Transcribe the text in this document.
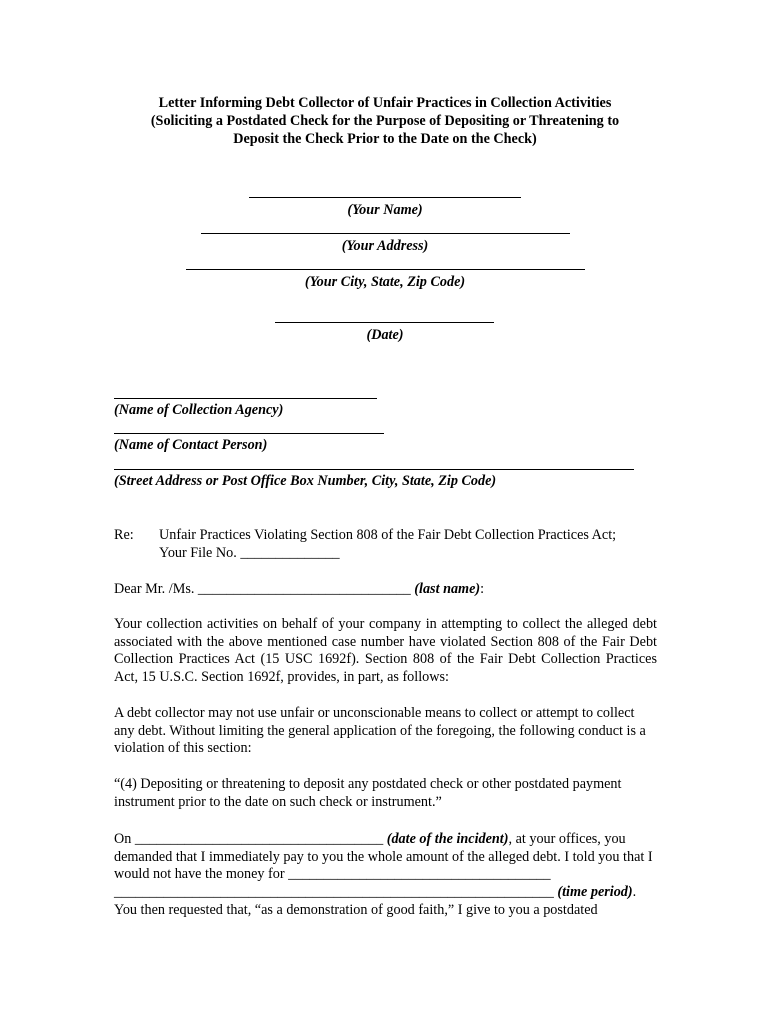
Letter Informing Debt Collector of Unfair Practices in Collection Activities
(Soliciting a Postdated Check for the Purpose of Depositing or Threatening to
Deposit the Check Prior to the Date on the Check)
(Your Name)
(Your Address)
(Your City, State, Zip Code)
(Date)
(Name of Collection Agency)
(Name of Contact Person)
(Street Address or Post Office Box Number, City, State, Zip Code)
Re: Unfair Practices Violating Section 808 of the Fair Debt Collection Practices Act;
Your File No. ______________
Dear Mr. /Ms. ______________________________ (last name):
Your collection activities on behalf of your company in attempting to collect the alleged debt associated with the above mentioned case number have violated Section 808 of the Fair Debt Collection Practices Act (15 USC 1692f). Section 808 of the Fair Debt Collection Practices Act, 15 U.S.C. Section 1692f, provides, in part, as follows:
A debt collector may not use unfair or unconscionable means to collect or attempt to collect any debt. Without limiting the general application of the foregoing, the following conduct is a violation of this section:
“(4) Depositing or threatening to deposit any postdated check or other postdated payment instrument prior to the date on such check or instrument.”
On ___________________________________ (date of the incident), at your offices, you demanded that I immediately pay to you the whole amount of the alleged debt. I told you that I would not have the money for _____________________________________ ______________________________________________________________ (time period). You then requested that, “as a demonstration of good faith,” I give to you a postdated
